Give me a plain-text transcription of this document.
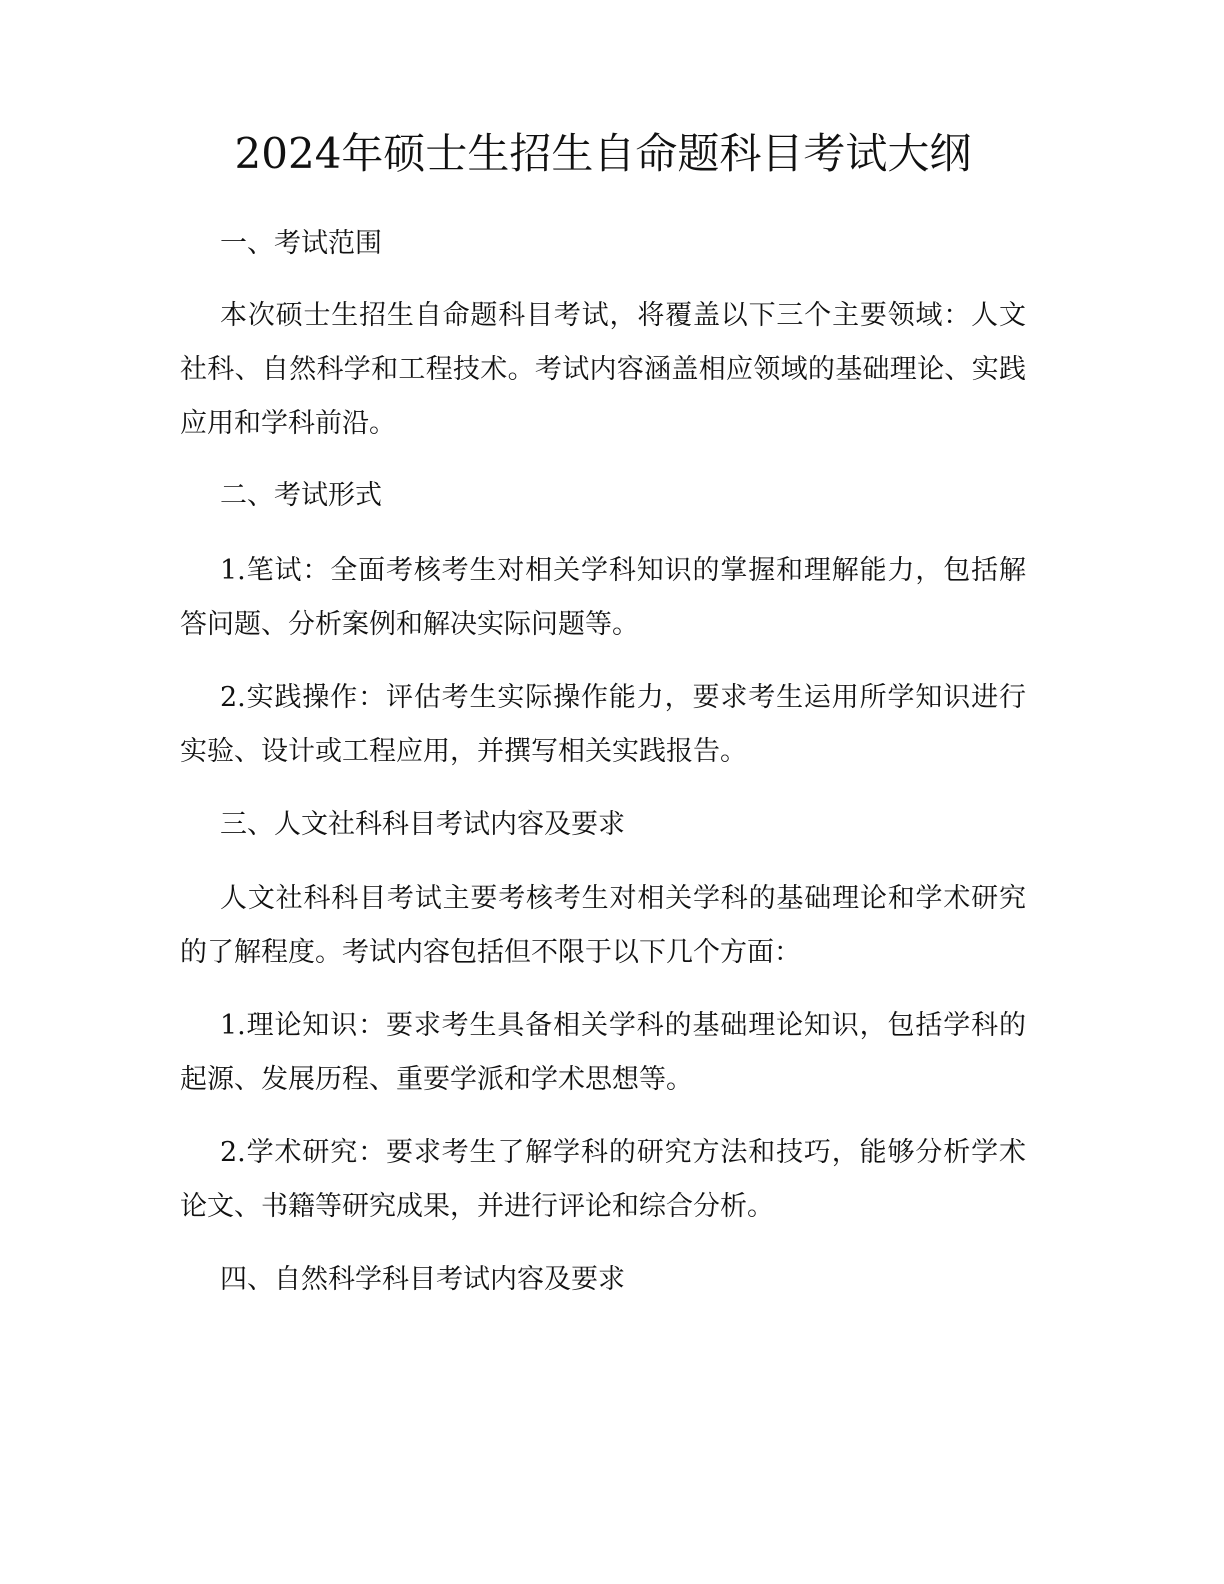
2024年硕士生招生自命题科目考试大纲

一、考试范围

本次硕士生招生自命题科目考试，将覆盖以下三个主要领域：人文社科、自然科学和工程技术。考试内容涵盖相应领域的基础理论、实践应用和学科前沿。

二、考试形式

1.笔试：全面考核考生对相关学科知识的掌握和理解能力，包括解答问题、分析案例和解决实际问题等。

2.实践操作：评估考生实际操作能力，要求考生运用所学知识进行实验、设计或工程应用，并撰写相关实践报告。

三、人文社科科目考试内容及要求

人文社科科目考试主要考核考生对相关学科的基础理论和学术研究的了解程度。考试内容包括但不限于以下几个方面：

1.理论知识：要求考生具备相关学科的基础理论知识，包括学科的起源、发展历程、重要学派和学术思想等。

2.学术研究：要求考生了解学科的研究方法和技巧，能够分析学术论文、书籍等研究成果，并进行评论和综合分析。

四、自然科学科目考试内容及要求
